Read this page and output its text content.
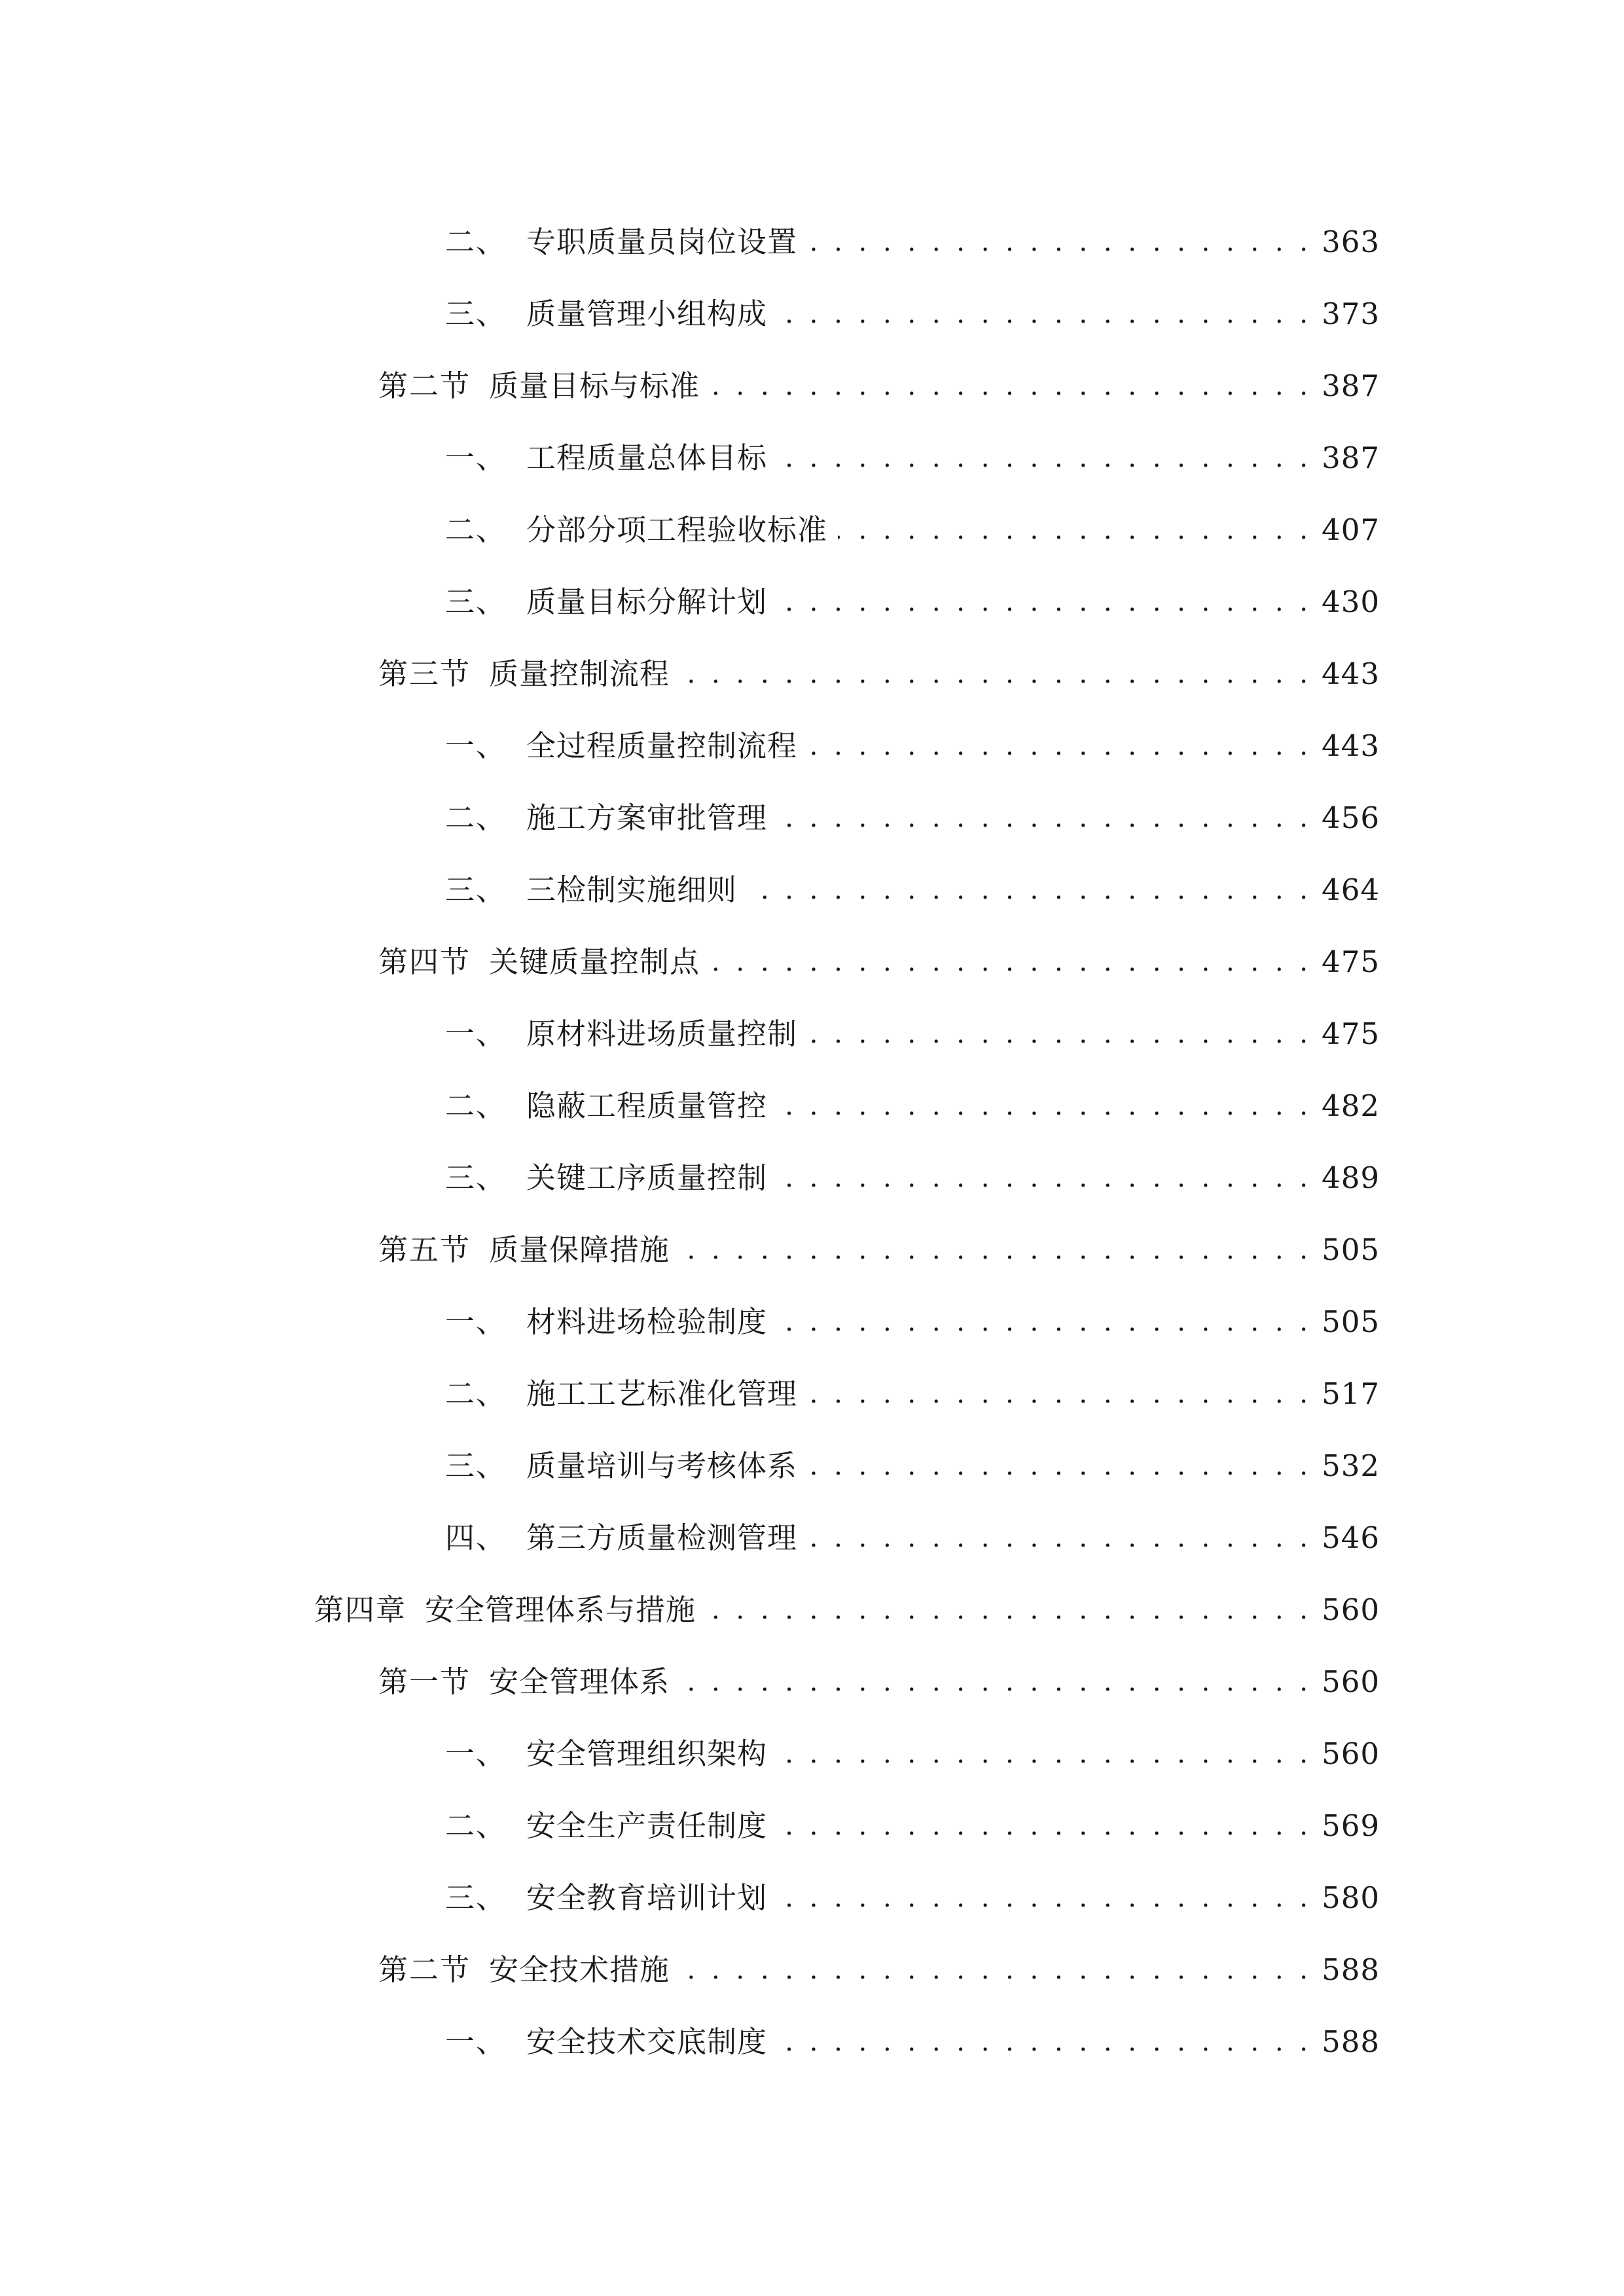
二、 专职质量员岗位设置 . . .	363
三、 质量管理小组构成 . . .	373
第二节 质量目标与标准 . . .	387
一、 工程质量总体目标 . . .	387
二、 分部分项工程验收标准 . . .	407
三、 质量目标分解计划 . . .	430
第三节 质量控制流程 . . .	443
一、 全过程质量控制流程 . . .	443
二、 施工方案审批管理 . . .	456
三、 三检制实施细则 . . .	464
第四节 关键质量控制点 . . .	475
一、 原材料进场质量控制 . . .	475
二、 隐蔽工程质量管控 . . .	482
三、 关键工序质量控制 . . .	489
第五节 质量保障措施 . . .	505
一、 材料进场检验制度 . . .	505
二、 施工工艺标准化管理 . . .	517
三、 质量培训与考核体系 . . .	532
四、 第三方质量检测管理 . . .	546
第四章 安全管理体系与措施 . . .	560
第一节 安全管理体系 . . .	560
一、 安全管理组织架构 . . .	560
二、 安全生产责任制度 . . .	569
三、 安全教育培训计划 . . .	580
第二节 安全技术措施 . . .	588
一、 安全技术交底制度 . . .	588
